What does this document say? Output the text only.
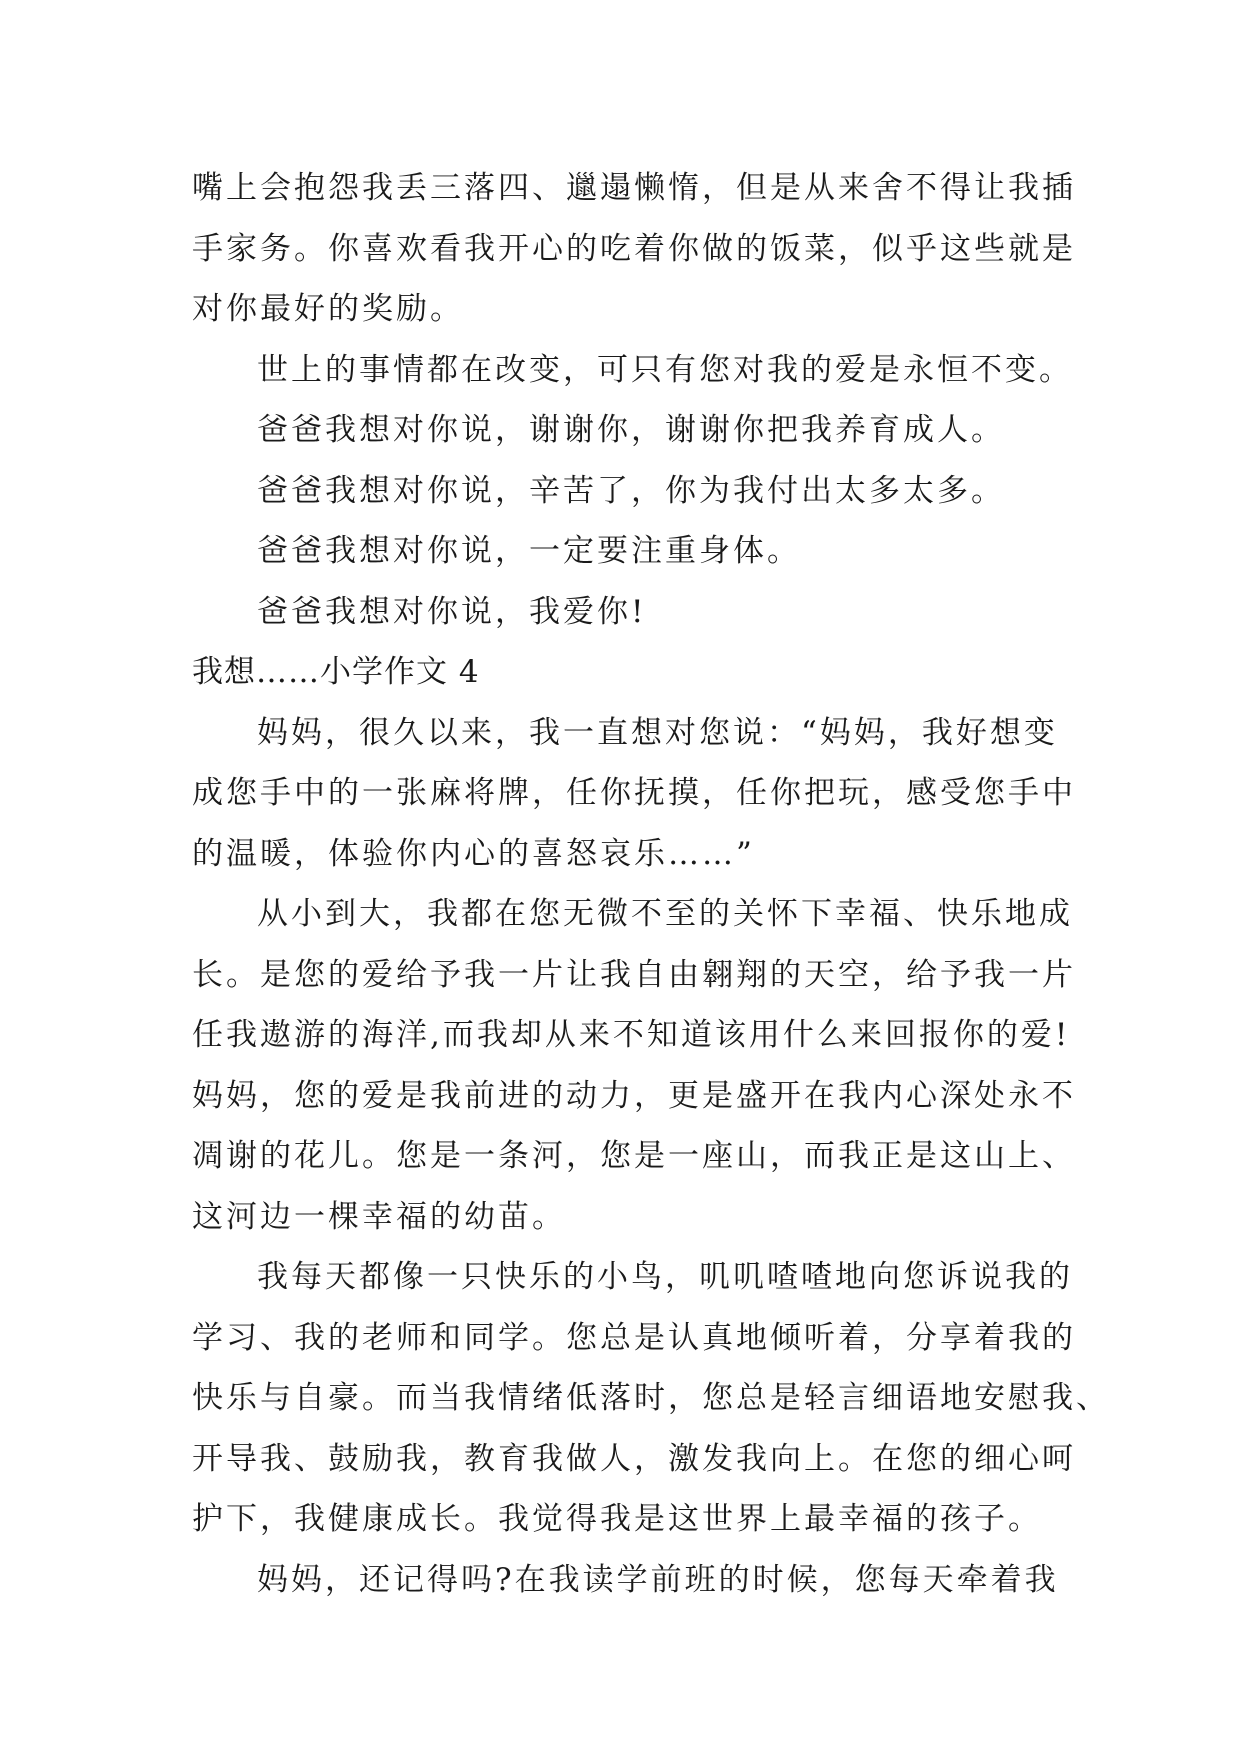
嘴上会抱怨我丢三落四、邋遢懒惰，但是从来舍不得让我插
手家务。你喜欢看我开心的吃着你做的饭菜，似乎这些就是
对你最好的奖励。
世上的事情都在改变，可只有您对我的爱是永恒不变。
爸爸我想对你说，谢谢你，谢谢你把我养育成人。
爸爸我想对你说，辛苦了，你为我付出太多太多。
爸爸我想对你说，一定要注重身体。
爸爸我想对你说，我爱你!
我想……小学作文 4
妈妈，很久以来，我一直想对您说：“妈妈，我好想变
成您手中的一张麻将牌，任你抚摸，任你把玩，感受您手中
的温暖，体验你内心的喜怒哀乐……”
从小到大，我都在您无微不至的关怀下幸福、快乐地成
长。是您的爱给予我一片让我自由翱翔的天空，给予我一片
任我遨游的海洋,而我却从来不知道该用什么来回报你的爱!
妈妈，您的爱是我前进的动力，更是盛开在我内心深处永不
凋谢的花儿。您是一条河，您是一座山，而我正是这山上、
这河边一棵幸福的幼苗。
我每天都像一只快乐的小鸟，叽叽喳喳地向您诉说我的
学习、我的老师和同学。您总是认真地倾听着，分享着我的
快乐与自豪。而当我情绪低落时，您总是轻言细语地安慰我、
开导我、鼓励我，教育我做人，激发我向上。在您的细心呵
护下，我健康成长。我觉得我是这世界上最幸福的孩子。
妈妈，还记得吗?在我读学前班的时候，您每天牵着我
